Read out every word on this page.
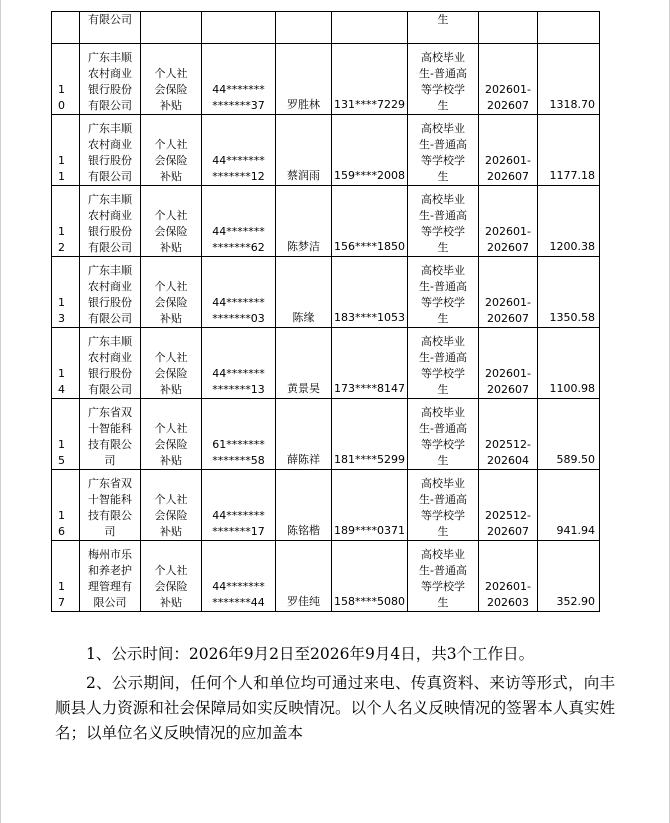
	有限公司					生		

1
0	广东丰顺
农村商业
银行股份
有限公司	个人社
会保险
补贴	44*******
*******37	罗胜林	131****7229	高校毕业
生-普通高
等学校学
生	202601-
202607	1318.70

1
1	广东丰顺
农村商业
银行股份
有限公司	个人社
会保险
补贴	44*******
*******12	蔡润雨	159****2008	高校毕业
生-普通高
等学校学
生	202601-
202607	1177.18

1
2	广东丰顺
农村商业
银行股份
有限公司	个人社
会保险
补贴	44*******
*******62	陈梦洁	156****1850	高校毕业
生-普通高
等学校学
生	202601-
202607	1200.38

1
3	广东丰顺
农村商业
银行股份
有限公司	个人社
会保险
补贴	44*******
*******03	陈缘	183****1053	高校毕业
生-普通高
等学校学
生	202601-
202607	1350.58

1
4	广东丰顺
农村商业
银行股份
有限公司	个人社
会保险
补贴	44*******
*******13	黄景昊	173****8147	高校毕业
生-普通高
等学校学
生	202601-
202607	1100.98

1
5	广东省双
十智能科
技有限公
司	个人社
会保险
补贴	61*******
*******58	薛陈祥	181****5299	高校毕业
生-普通高
等学校学
生	202512-
202604	589.50

1
6	广东省双
十智能科
技有限公
司	个人社
会保险
补贴	44*******
*******17	陈铭楷	189****0371	高校毕业
生-普通高
等学校学
生	202512-
202607	941.94

1
7	梅州市乐
和养老护
理管理有
限公司	个人社
会保险
补贴	44*******
*******44	罗佳纯	158****5080	高校毕业
生-普通高
等学校学
生	202601-
202603	352.90

1、公示时间：2026年9月2日至2026年9月4日，共3个工作日。

2、公示期间，任何个人和单位均可通过来电、传真资料、来访等形式，向丰顺县人力资源和社会保障局如实反映情况。以个人名义反映情况的签署本人真实姓名；以单位名义反映情况的应加盖本
